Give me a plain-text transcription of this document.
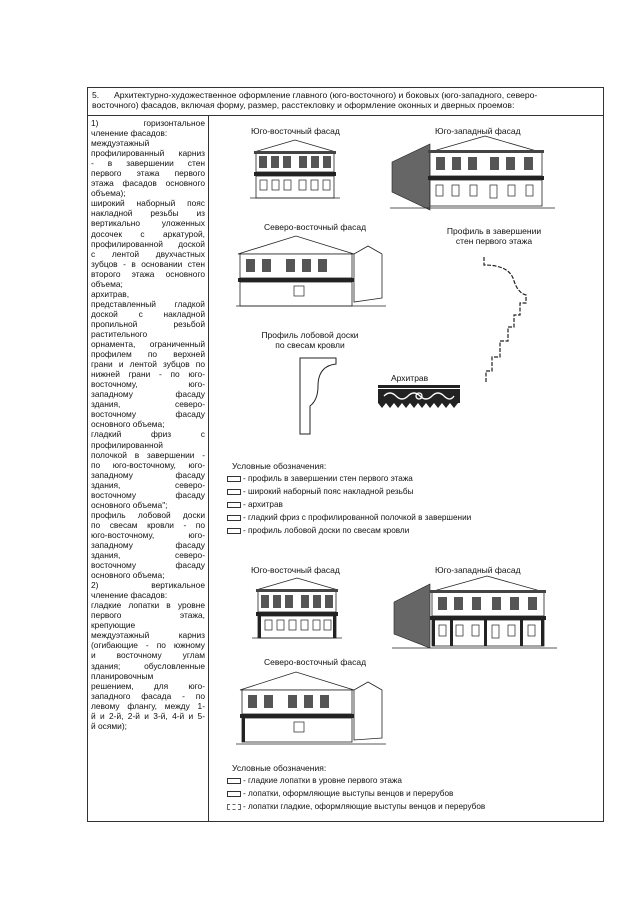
5. Архитектурно-художественное оформление главного (юго-восточного) и боковых (юго-западного, северо-
восточного) фасадов, включая форму, размер, расстекловку и оформление оконных и дверных проемов:
1) горизонтальное
членение фасадов:
междуэтажный
профилированный карниз
- в завершении стен
первого этажа первого
этажа фасадов основного
объема);
широкий наборный пояс
накладной резьбы из
вертикально уложенных
досочек с аркатурой,
профилированной доской
с лентой двухчастных
зубцов - в основании стен
второго этажа основного
объема;
архитрав,
представленный гладкой
доской с накладной
пропильной резьбой
растительного
орнамента, ограниченный
профилем по верхней
грани и лентой зубцов по
нижней грани - по юго-
восточному, юго-
западному фасаду
здания, северо-
восточному фасаду
основного объема;
гладкий фриз с
профилированной
полочкой в завершении -
по юго-восточному, юго-
западному фасаду
здания, северо-
восточному фасаду
основного объема";
профиль лобовой доски
по свесам кровли - по
юго-восточному, юго-
западному фасаду
здания, северо-
восточному фасаду
основного объема;
2) вертикальное
членение фасадов:
гладкие лопатки в уровне
первого этажа,
крепующие
междуэтажный карниз
(огибающие - по южному
и восточному углам
здания; обусловленные
планировочным
решением, для юго-
западного фасада - по
левому флангу, между 1-
й и 2-й, 2-й и 3-й, 4-й и 5-
й осями);
Юго-восточный фасад	Юго-западный фасад
Северо-восточный фасад	Профиль в завершении
стен первого этажа
Профиль лобовой доски
по свесам кровли
Архитрав
Условные обозначения:
- профиль в завершении стен первого этажа
- широкий наборный пояс накладной резьбы
- архитрав
- гладкий фриз с профилированной полочкой в завершении
- профиль лобовой доски по свесам кровли
Юго-восточный фасад	Юго-западный фасад
Северо-восточный фасад
Условные обозначения:
- гладкие лопатки в уровне первого этажа
- лопатки, оформляющие выступы венцов и перерубов
- лопатки гладкие, оформляющие выступы венцов и перерубов
